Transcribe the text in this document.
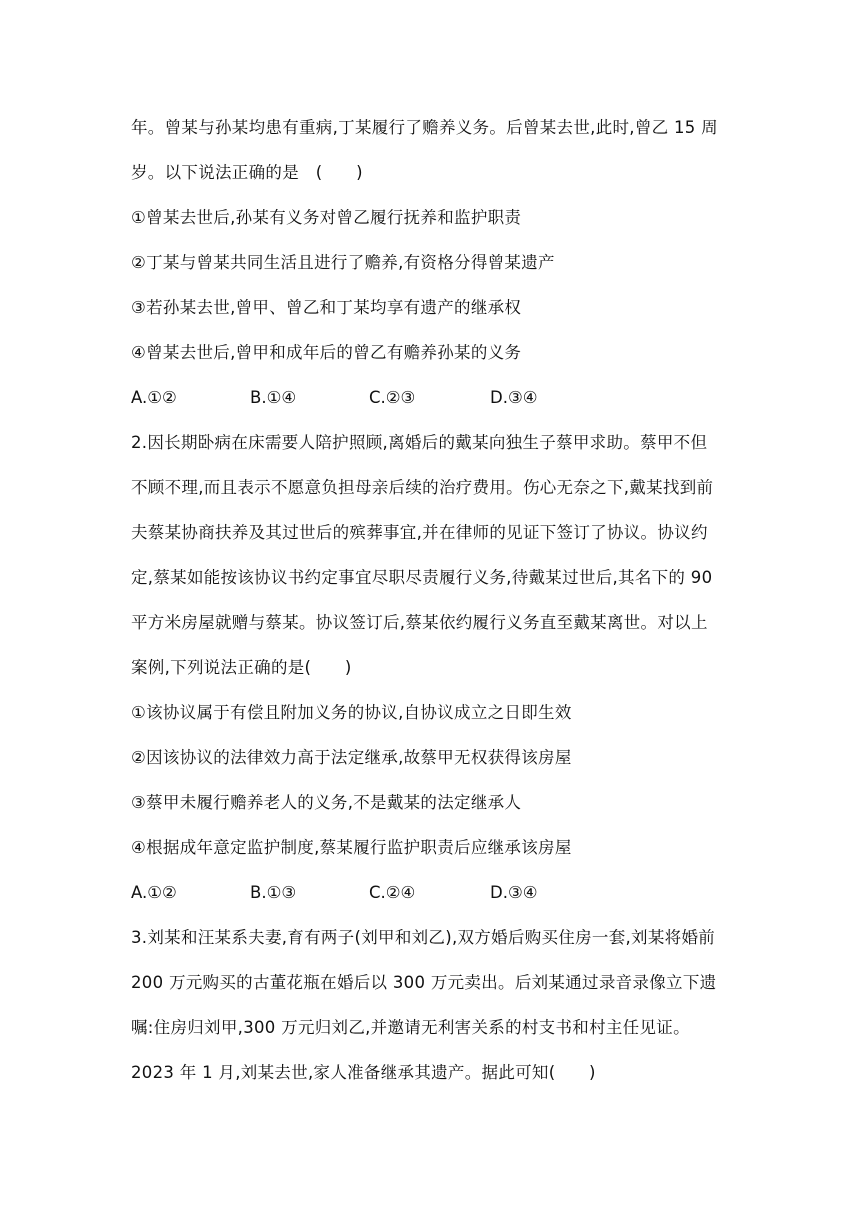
年。曾某与孙某均患有重病,丁某履行了赡养义务。后曾某去世,此时,曾乙 15 周
岁。以下说法正确的是　(　　)
①曾某去世后,孙某有义务对曾乙履行抚养和监护职责
②丁某与曾某共同生活且进行了赡养,有资格分得曾某遗产
③若孙某去世,曾甲、曾乙和丁某均享有遗产的继承权
④曾某去世后,曾甲和成年后的曾乙有赡养孙某的义务
A.①②	B.①④	C.②③	D.③④
2.因长期卧病在床需要人陪护照顾,离婚后的戴某向独生子蔡甲求助。蔡甲不但
不顾不理,而且表示不愿意负担母亲后续的治疗费用。伤心无奈之下,戴某找到前
夫蔡某协商扶养及其过世后的殡葬事宜,并在律师的见证下签订了协议。协议约
定,蔡某如能按该协议书约定事宜尽职尽责履行义务,待戴某过世后,其名下的 90
平方米房屋就赠与蔡某。协议签订后,蔡某依约履行义务直至戴某离世。对以上
案例,下列说法正确的是(　　)
①该协议属于有偿且附加义务的协议,自协议成立之日即生效
②因该协议的法律效力高于法定继承,故蔡甲无权获得该房屋
③蔡甲未履行赡养老人的义务,不是戴某的法定继承人
④根据成年意定监护制度,蔡某履行监护职责后应继承该房屋
A.①②	B.①③	C.②④	D.③④
3.刘某和汪某系夫妻,育有两子(刘甲和刘乙),双方婚后购买住房一套,刘某将婚前
200 万元购买的古董花瓶在婚后以 300 万元卖出。后刘某通过录音录像立下遗
嘱:住房归刘甲,300 万元归刘乙,并邀请无利害关系的村支书和村主任见证。
2023 年 1 月,刘某去世,家人准备继承其遗产。据此可知(　　)
